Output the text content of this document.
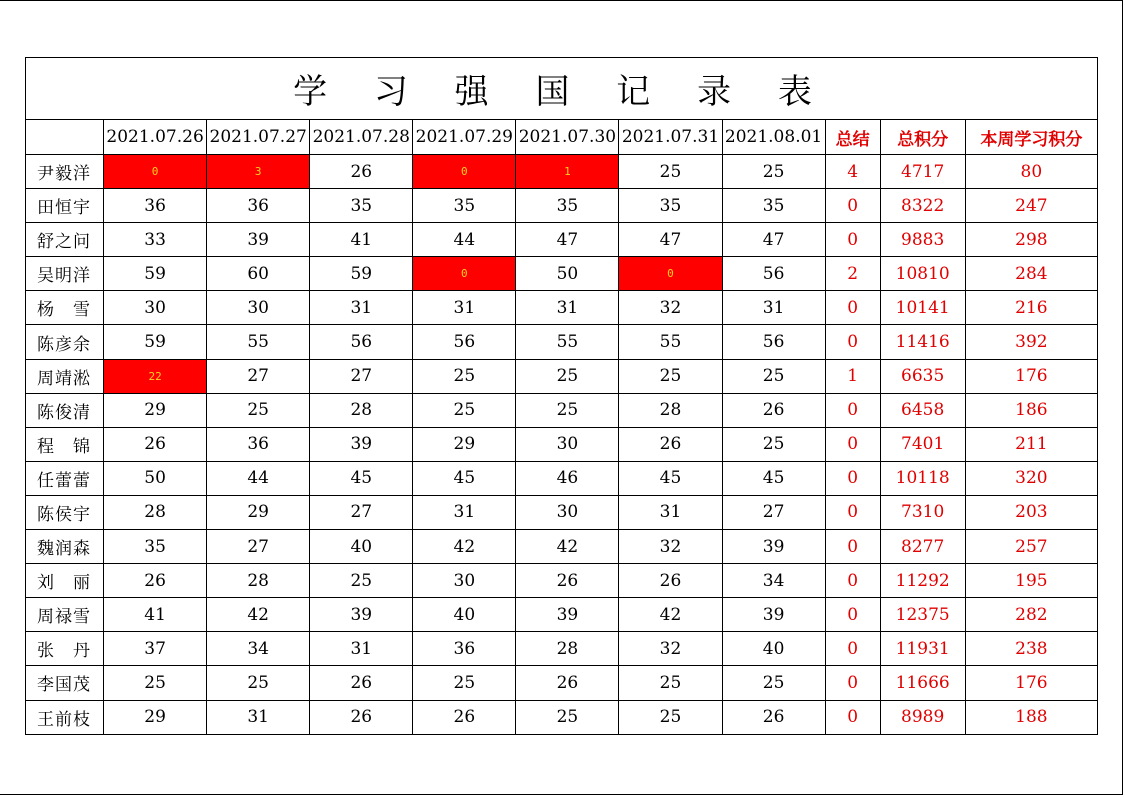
学 习 强 国 记 录 表										
	2021.07.26	2021.07.27	2021.07.28	2021.07.29	2021.07.30	2021.07.31	2021.08.01	总结	总积分	本周学习积分
尹毅洋	0	3	26	0	1	25	25	4	4717	80
田恒宇	36	36	35	35	35	35	35	0	8322	247
舒之问	33	39	41	44	47	47	47	0	9883	298
吴明洋	59	60	59	0	50	0	56	2	10810	284
杨　雪	30	30	31	31	31	32	31	0	10141	216
陈彦余	59	55	56	56	55	55	56	0	11416	392
周靖淞	22	27	27	25	25	25	25	1	6635	176
陈俊清	29	25	28	25	25	28	26	0	6458	186
程　锦	26	36	39	29	30	26	25	0	7401	211
任蕾蕾	50	44	45	45	46	45	45	0	10118	320
陈侯宇	28	29	27	31	30	31	27	0	7310	203
魏润森	35	27	40	42	42	32	39	0	8277	257
刘　丽	26	28	25	30	26	26	34	0	11292	195
周禄雪	41	42	39	40	39	42	39	0	12375	282
张　丹	37	34	31	36	28	32	40	0	11931	238
李国茂	25	25	26	25	26	25	25	0	11666	176
王前枝	29	31	26	26	25	25	26	0	8989	188
